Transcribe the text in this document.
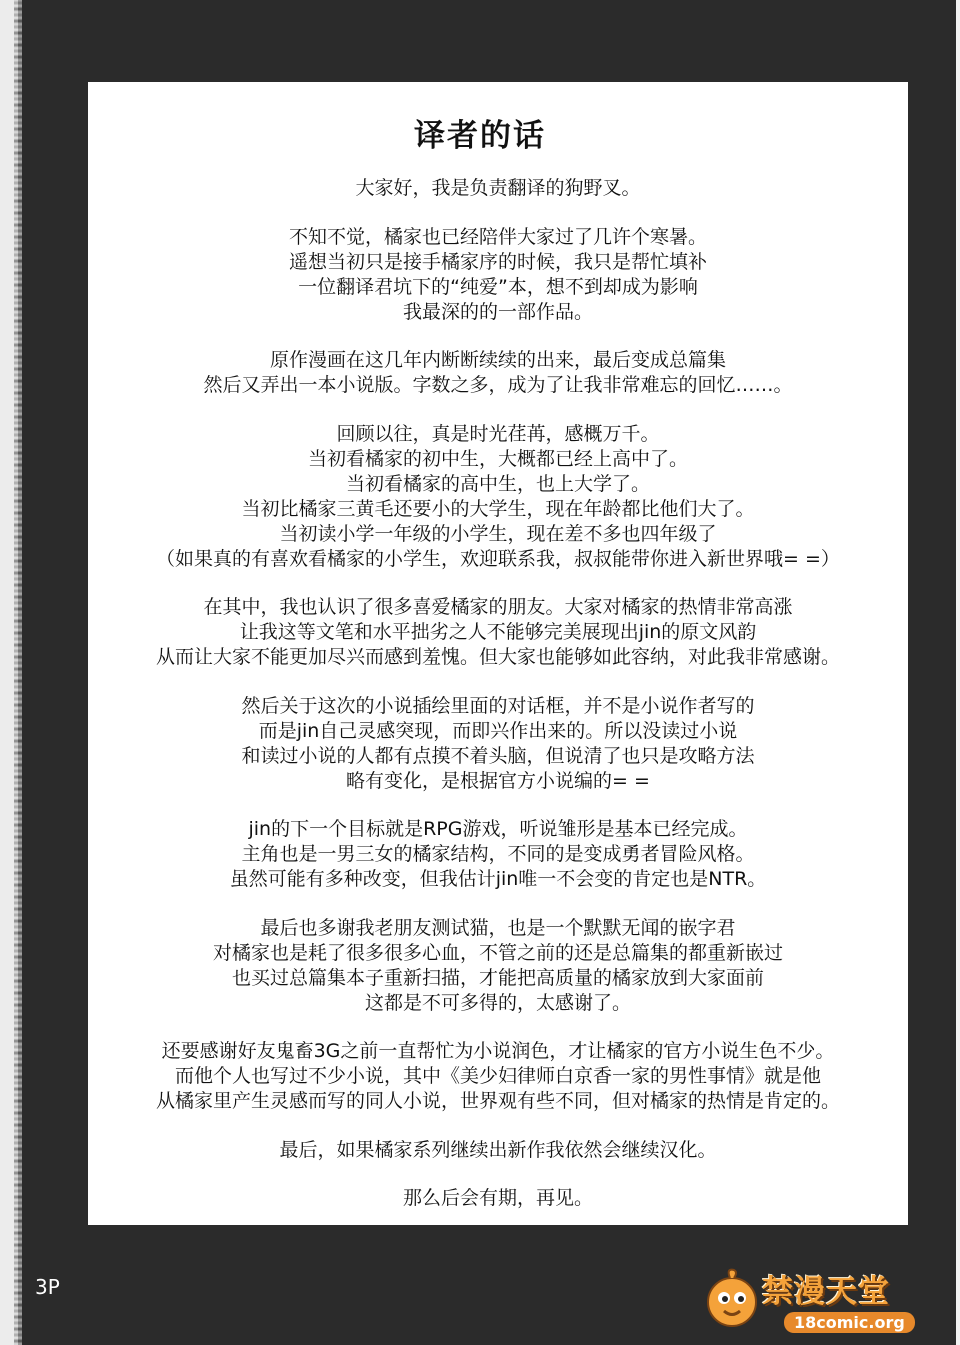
译者的话
大家好，我是负责翻译的狗野叉。
不知不觉，橘家也已经陪伴大家过了几许个寒暑。
遥想当初只是接手橘家序的时候，我只是帮忙填补
一位翻译君坑下的“纯爱”本，想不到却成为影响
我最深的的一部作品。
原作漫画在这几年内断断续续的出来，最后变成总篇集
然后又弄出一本小说版。字数之多，成为了让我非常难忘的回忆……。
回顾以往，真是时光荏苒，感概万千。
当初看橘家的初中生，大概都已经上高中了。
当初看橘家的高中生，也上大学了。
当初比橘家三黄毛还要小的大学生，现在年龄都比他们大了。
当初读小学一年级的小学生，现在差不多也四年级了
（如果真的有喜欢看橘家的小学生，欢迎联系我，叔叔能带你进入新世界哦= =）
在其中，我也认识了很多喜爱橘家的朋友。大家对橘家的热情非常高涨
让我这等文笔和水平拙劣之人不能够完美展现出jin的原文风韵
从而让大家不能更加尽兴而感到羞愧。但大家也能够如此容纳，对此我非常感谢。
然后关于这次的小说插绘里面的对话框，并不是小说作者写的
而是jin自己灵感突现，而即兴作出来的。所以没读过小说
和读过小说的人都有点摸不着头脑，但说清了也只是攻略方法
略有变化，是根据官方小说编的= =
jin的下一个目标就是RPG游戏，听说雏形是基本已经完成。
主角也是一男三女的橘家结构，不同的是变成勇者冒险风格。
虽然可能有多种改变，但我估计jin唯一不会变的肯定也是NTR。
最后也多谢我老朋友测试猫，也是一个默默无闻的嵌字君
对橘家也是耗了很多很多心血，不管之前的还是总篇集的都重新嵌过
也买过总篇集本子重新扫描，才能把高质量的橘家放到大家面前
这都是不可多得的，太感谢了。
还要感谢好友鬼畜3G之前一直帮忙为小说润色，才让橘家的官方小说生色不少。
而他个人也写过不少小说，其中《美少妇律师白京香一家的男性事情》就是他
从橘家里产生灵感而写的同人小说，世界观有些不同，但对橘家的热情是肯定的。
最后，如果橘家系列继续出新作我依然会继续汉化。
那么后会有期，再见。
3P	禁漫天堂
18comic.org
